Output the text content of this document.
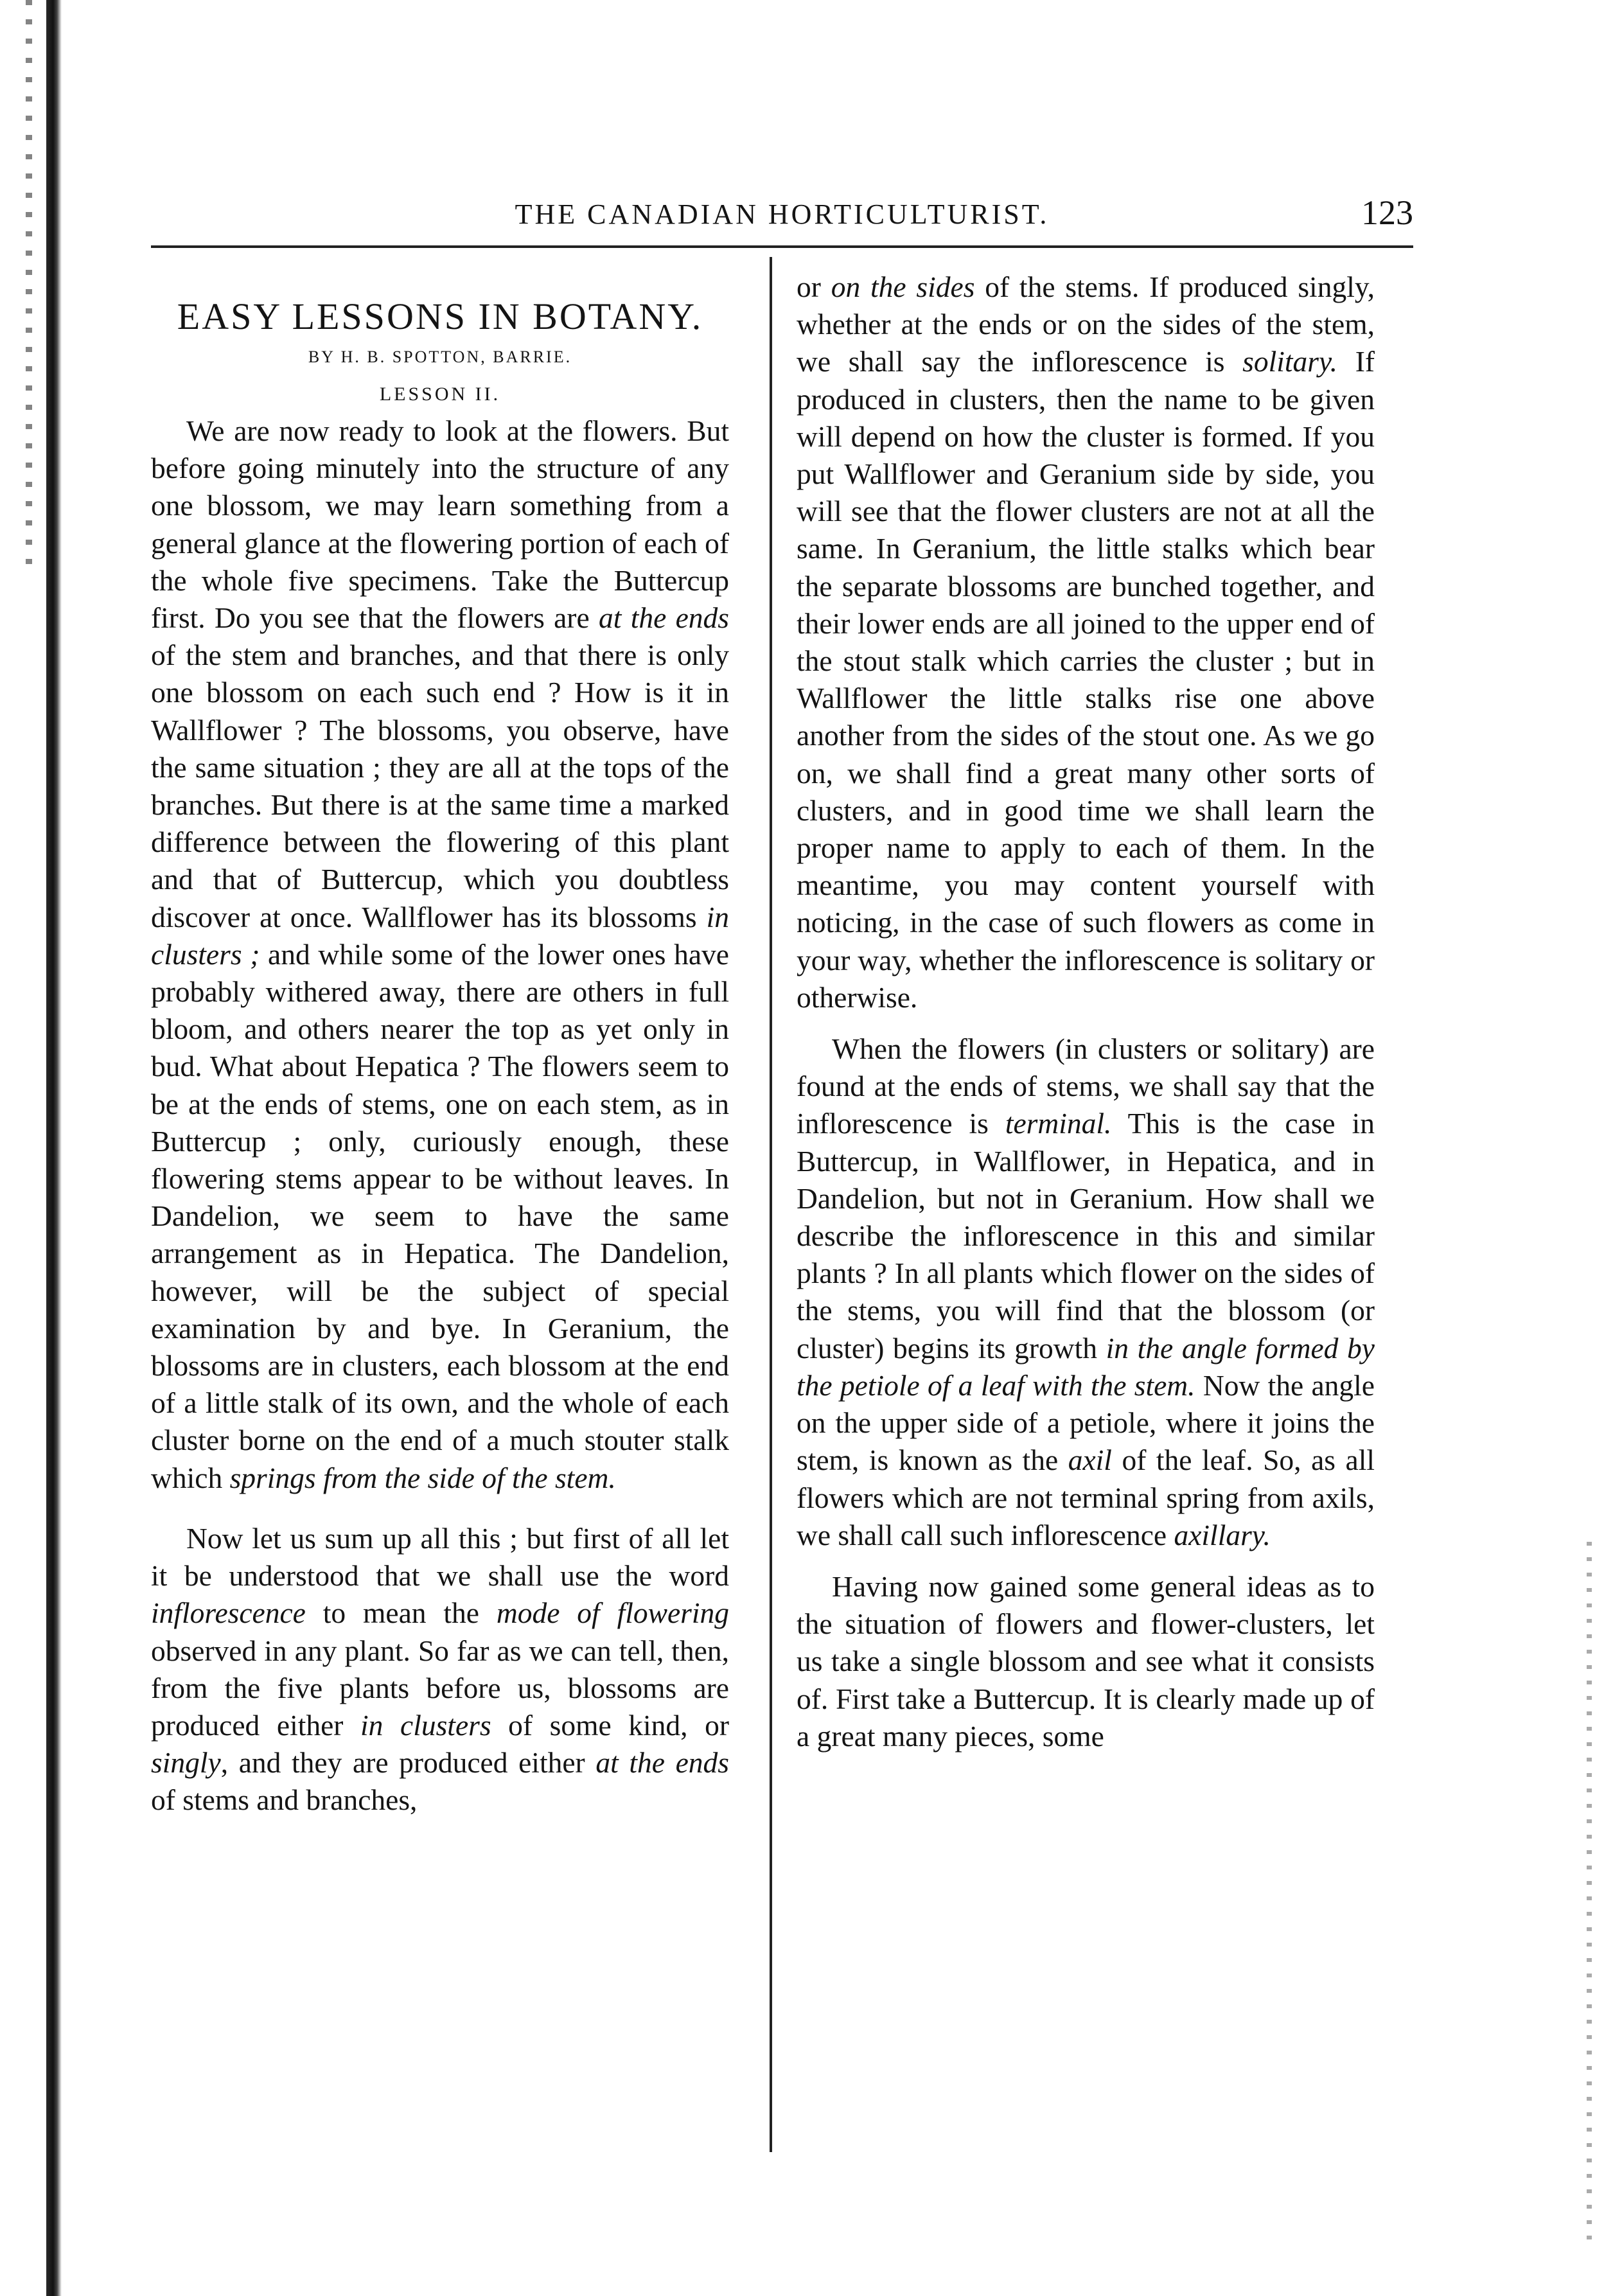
THE CANADIAN HORTICULTURIST.	123
EASY LESSONS IN BOTANY.
BY H. B. SPOTTON, BARRIE.
LESSON II.

We are now ready to look at the flowers. But before going minutely into the structure of any one blossom, we may learn something from a general glance at the flowering portion of each of the whole five specimens. Take the Buttercup first. Do you see that the flowers are at the ends of the stem and branches, and that there is only one blossom on each such end ? How is it in Wallflower ? The blossoms, you observe, have the same situation ; they are all at the tops of the branches. But there is at the same time a marked difference between the flowering of this plant and that of Buttercup, which you doubtless discover at once. Wallflower has its blossoms in clusters ; and while some of the lower ones have probably withered away, there are others in full bloom, and others nearer the top as yet only in bud. What about Hepatica ? The flowers seem to be at the ends of stems, one on each stem, as in Buttercup ; only, curiously enough, these flowering stems appear to be without leaves. In Dandelion, we seem to have the same arrangement as in Hepatica. The Dandelion, however, will be the subject of special examination by and bye. In Geranium, the blossoms are in clusters, each blossom at the end of a little stalk of its own, and the whole of each cluster borne on the end of a much stouter stalk which springs from the side of the stem.

Now let us sum up all this ; but first of all let it be understood that we shall use the word inflorescence to mean the mode of flowering observed in any plant. So far as we can tell, then, from the five plants before us, blossoms are produced either in clusters of some kind, or singly, and they are produced either at the ends of stems and branches,

or on the sides of the stems. If produced singly, whether at the ends or on the sides of the stem, we shall say the inflorescence is solitary. If produced in clusters, then the name to be given will depend on how the cluster is formed. If you put Wallflower and Geranium side by side, you will see that the flower clusters are not at all the same. In Geranium, the little stalks which bear the separate blossoms are bunched together, and their lower ends are all joined to the upper end of the stout stalk which carries the cluster ; but in Wallflower the little stalks rise one above another from the sides of the stout one. As we go on, we shall find a great many other sorts of clusters, and in good time we shall learn the proper name to apply to each of them. In the meantime, you may content yourself with noticing, in the case of such flowers as come in your way, whether the inflorescence is solitary or otherwise.

When the flowers (in clusters or solitary) are found at the ends of stems, we shall say that the inflorescence is terminal. This is the case in Buttercup, in Wallflower, in Hepatica, and in Dandelion, but not in Geranium. How shall we describe the inflorescence in this and similar plants ? In all plants which flower on the sides of the stems, you will find that the blossom (or cluster) begins its growth in the angle formed by the petiole of a leaf with the stem. Now the angle on the upper side of a petiole, where it joins the stem, is known as the axil of the leaf. So, as all flowers which are not terminal spring from axils, we shall call such inflorescence axillary.

Having now gained some general ideas as to the situation of flowers and flower-clusters, let us take a single blossom and see what it consists of. First take a Buttercup. It is clearly made up of a great many pieces, some
